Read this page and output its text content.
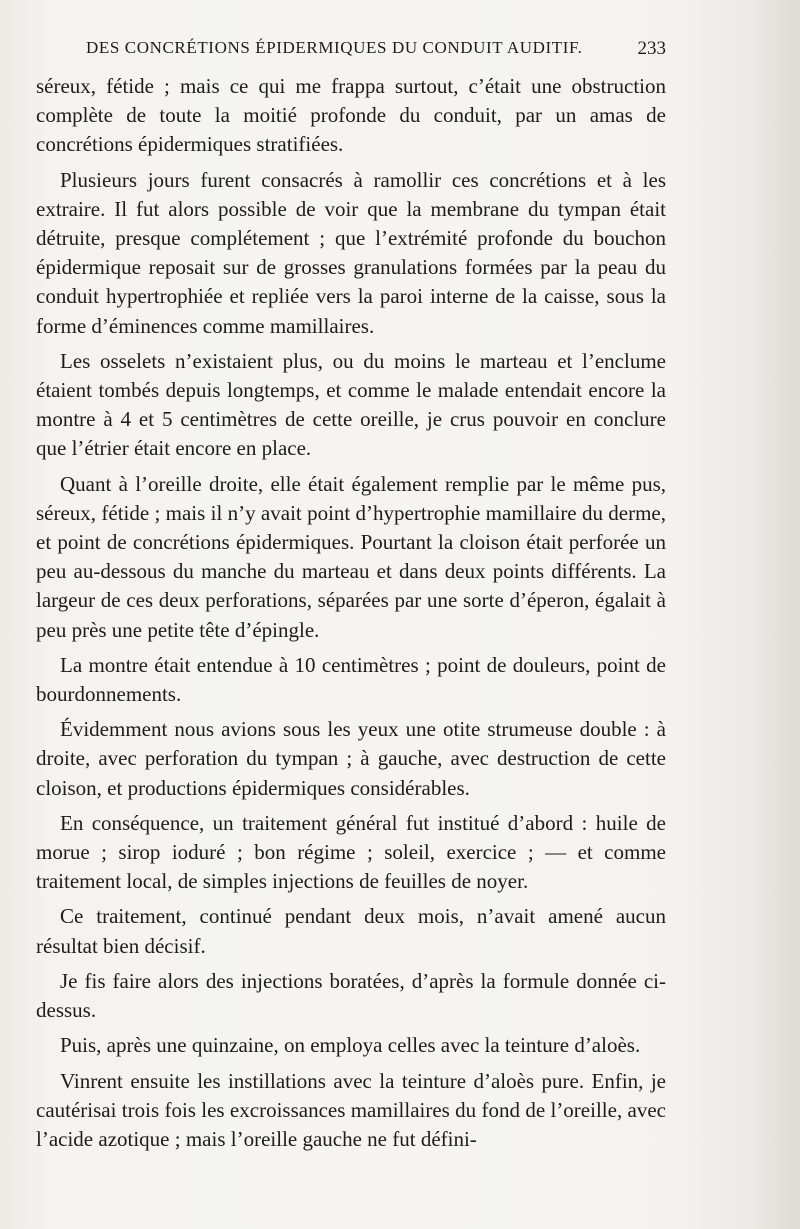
DES CONCRÉTIONS ÉPIDERMIQUES DU CONDUIT AUDITIF.	233

séreux, fétide ; mais ce qui me frappa surtout, c’était une obstruction complète de toute la moitié profonde du conduit, par un amas de concrétions épidermiques stratifiées.

Plusieurs jours furent consacrés à ramollir ces concrétions et à les extraire. Il fut alors possible de voir que la membrane du tympan était détruite, presque complétement ; que l’extrémité profonde du bouchon épidermique reposait sur de grosses granulations formées par la peau du conduit hypertrophiée et repliée vers la paroi interne de la caisse, sous la forme d’éminences comme mamillaires.

Les osselets n’existaient plus, ou du moins le marteau et l’enclume étaient tombés depuis longtemps, et comme le malade entendait encore la montre à 4 et 5 centimètres de cette oreille, je crus pouvoir en conclure que l’étrier était encore en place.

Quant à l’oreille droite, elle était également remplie par le même pus, séreux, fétide ; mais il n’y avait point d’hypertrophie mamillaire du derme, et point de concrétions épidermiques. Pourtant la cloison était perforée un peu au-dessous du manche du marteau et dans deux points différents. La largeur de ces deux perforations, séparées par une sorte d’éperon, égalait à peu près une petite tête d’épingle.

La montre était entendue à 10 centimètres ; point de douleurs, point de bourdonnements.

Évidemment nous avions sous les yeux une otite strumeuse double : à droite, avec perforation du tympan ; à gauche, avec destruction de cette cloison, et productions épidermiques considérables.

En conséquence, un traitement général fut institué d’abord : huile de morue ; sirop ioduré ; bon régime ; soleil, exercice ; — et comme traitement local, de simples injections de feuilles de noyer.

Ce traitement, continué pendant deux mois, n’avait amené aucun résultat bien décisif.

Je fis faire alors des injections boratées, d’après la formule donnée ci-dessus.

Puis, après une quinzaine, on employa celles avec la teinture d’aloès.

Vinrent ensuite les instillations avec la teinture d’aloès pure. Enfin, je cautérisai trois fois les excroissances mamillaires du fond de l’oreille, avec l’acide azotique ; mais l’oreille gauche ne fut défini-
